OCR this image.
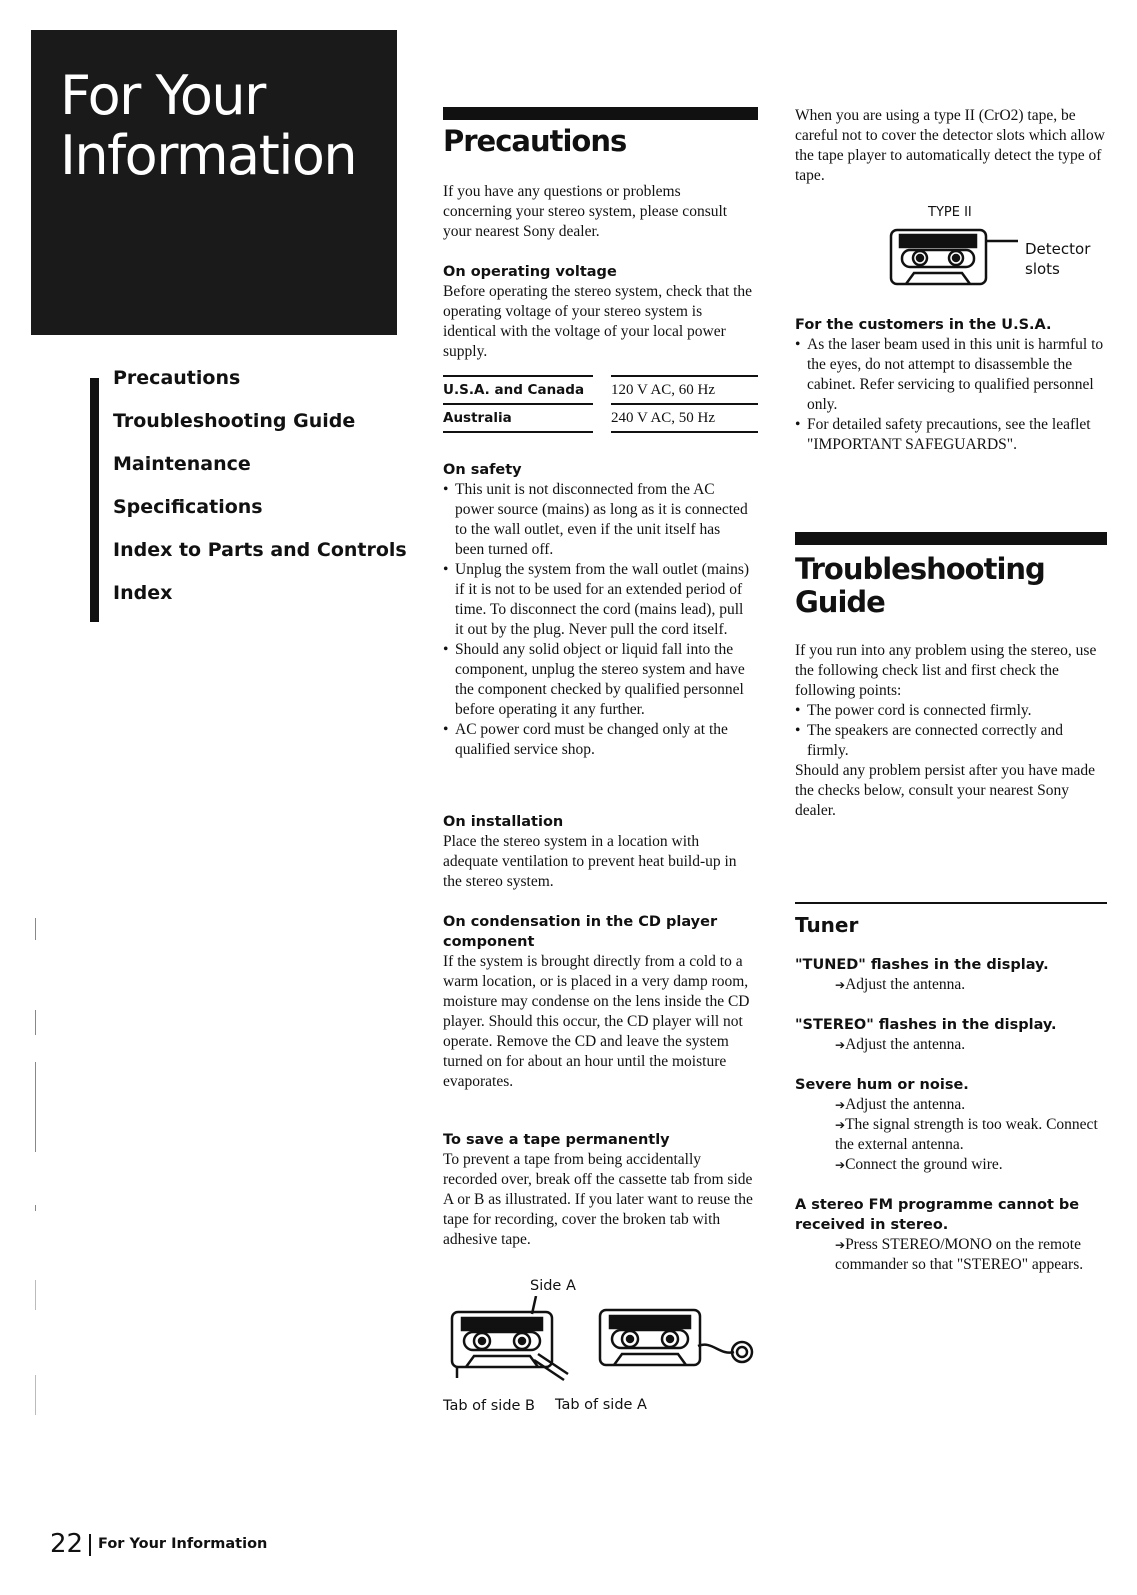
For Your
Information
Precautions
Troubleshooting Guide
Maintenance
Specifications
Index to Parts and Controls
Index
Precautions
If you have any questions or problems concerning your stereo system, please consult your nearest Sony dealer.
On operating voltage
Before operating the stereo system, check that the operating voltage of your stereo system is identical with the voltage of your local power supply.
U.S.A. and Canada		120 V AC, 60 Hz
Australia		240 V AC, 50 Hz
On safety
• This unit is not disconnected from the AC power source (mains) as long as it is connected to the wall outlet, even if the unit itself has been turned off.
• Unplug the system from the wall outlet (mains) if it is not to be used for an extended period of time. To disconnect the cord (mains lead), pull it out by the plug. Never pull the cord itself.
• Should any solid object or liquid fall into the component, unplug the stereo system and have the component checked by qualified personnel before operating it any further.
• AC power cord must be changed only at the qualified service shop.
On installation
Place the stereo system in a location with adequate ventilation to prevent heat build-up in the stereo system.
On condensation in the CD player component
If the system is brought directly from a cold to a warm location, or is placed in a very damp room, moisture may condense on the lens inside the CD player. Should this occur, the CD player will not operate. Remove the CD and leave the system turned on for about an hour until the moisture evaporates.
To save a tape permanently
To prevent a tape from being accidentally recorded over, break off the cassette tab from side A or B as illustrated. If you later want to reuse the tape for recording, cover the broken tab with adhesive tape.
Side A
Tab of side B Tab of side A
When you are using a type II (CrO2) tape, be careful not to cover the detector slots which allow the tape player to automatically detect the type of tape.
TYPE II
Detector
slots
For the customers in the U.S.A.
• As the laser beam used in this unit is harmful to the eyes, do not attempt to disassemble the cabinet. Refer servicing to qualified personnel only.
• For detailed safety precautions, see the leaflet "IMPORTANT SAFEGUARDS".
Troubleshooting
Guide
If you run into any problem using the stereo, use the following check list and first check the following points:
• The power cord is connected firmly.
• The speakers are connected correctly and firmly.
Should any problem persist after you have made the checks below, consult your nearest Sony dealer.
Tuner
"TUNED" flashes in the display.
➔Adjust the antenna.
"STEREO" flashes in the display.
➔Adjust the antenna.
Severe hum or noise.
➔Adjust the antenna.
➔The signal strength is too weak. Connect the external antenna.
➔Connect the ground wire.
A stereo FM programme cannot be received in stereo.
➔Press STEREO/MONO on the remote commander so that "STEREO" appears.
22 For Your Information
